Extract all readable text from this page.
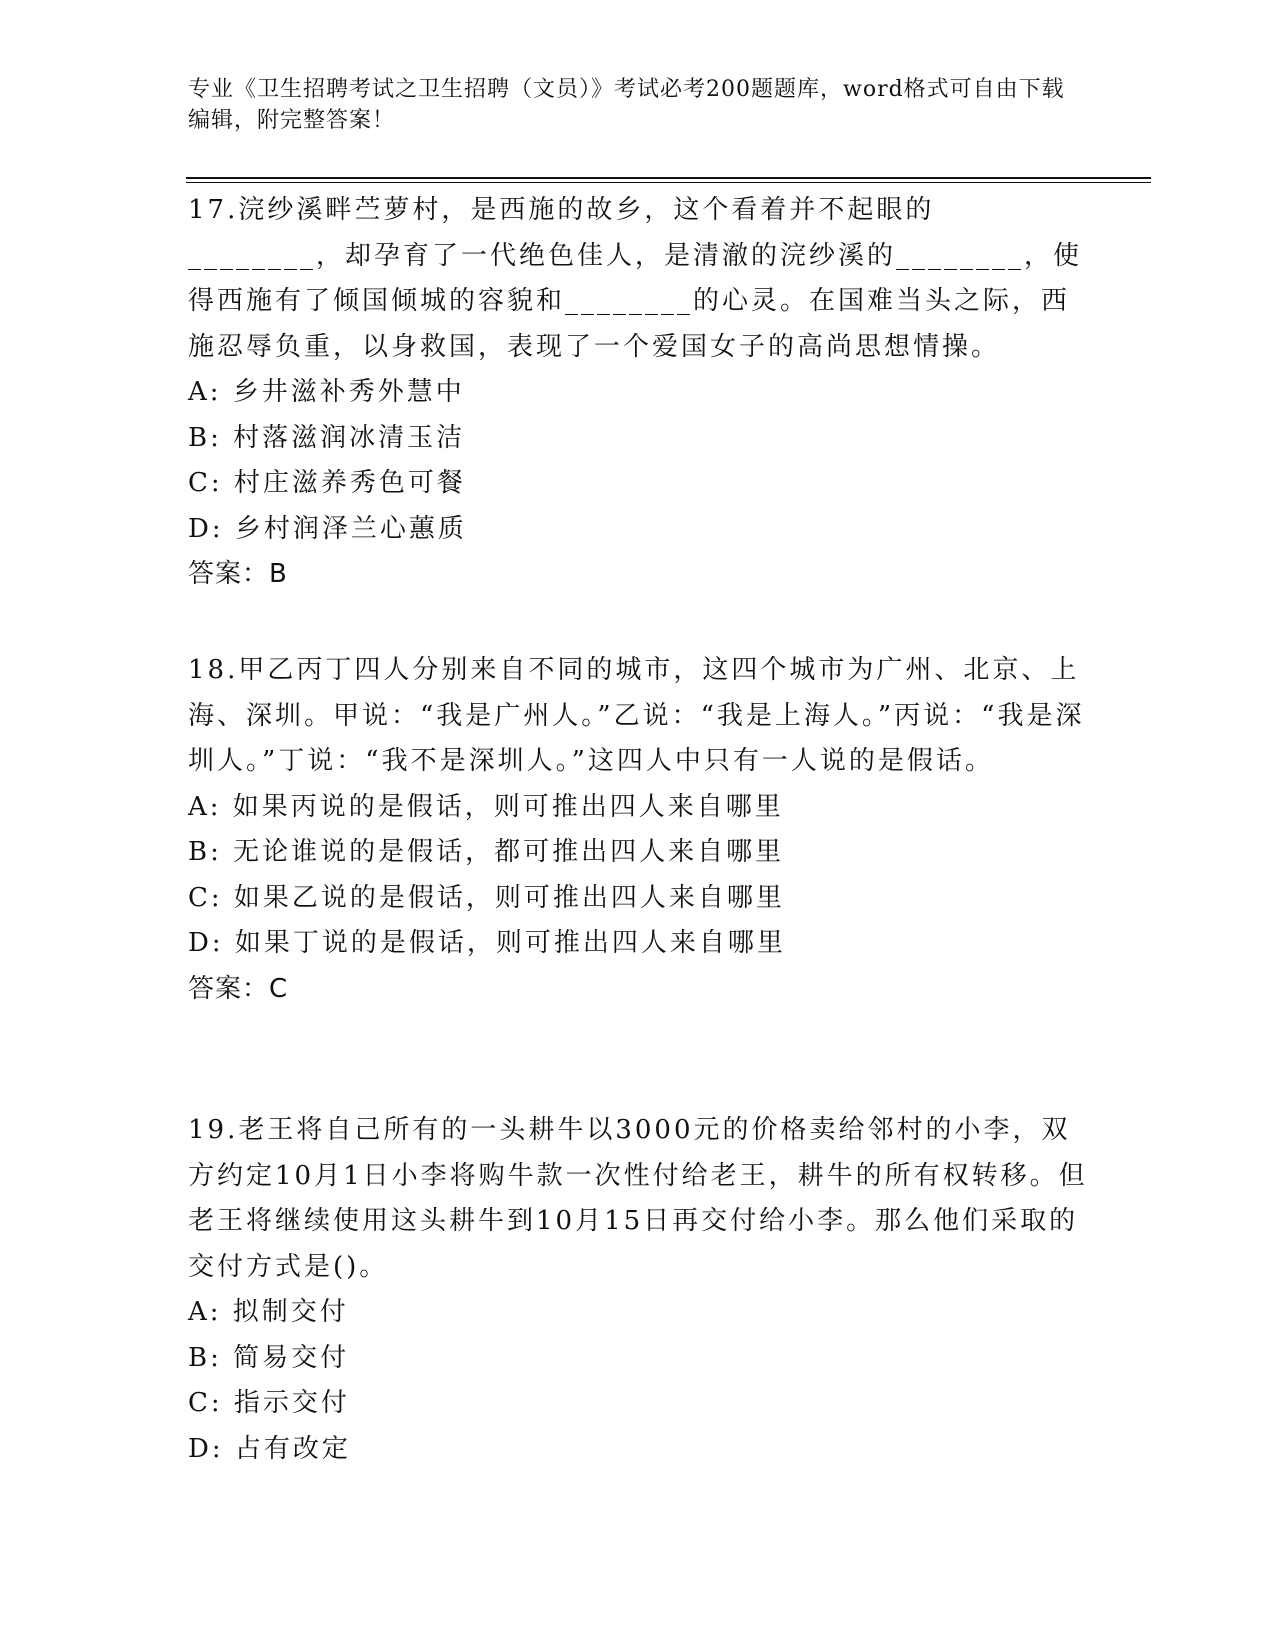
专业《卫生招聘考试之卫生招聘（文员）》考试必考200题题库，word格式可自由下载编辑，附完整答案！

17.浣纱溪畔苎萝村，是西施的故乡，这个看着并不起眼的________，却孕育了一代绝色佳人，是清澈的浣纱溪的________，使得西施有了倾国倾城的容貌和________的心灵。在国难当头之际，西施忍辱负重，以身救国，表现了一个爱国女子的高尚思想情操。

A: 乡井滋补秀外慧中
B: 村落滋润冰清玉洁
C: 村庄滋养秀色可餐
D: 乡村润泽兰心蕙质
答案：B

18.甲乙丙丁四人分别来自不同的城市，这四个城市为广州、北京、上海、深圳。甲说：“我是广州人。”乙说：“我是上海人。”丙说：“我是深圳人。”丁说：“我不是深圳人。”这四人中只有一人说的是假话。

A: 如果丙说的是假话，则可推出四人来自哪里
B: 无论谁说的是假话，都可推出四人来自哪里
C: 如果乙说的是假话，则可推出四人来自哪里
D: 如果丁说的是假话，则可推出四人来自哪里
答案：C

19.老王将自己所有的一头耕牛以3000元的价格卖给邻村的小李，双方约定10月1日小李将购牛款一次性付给老王，耕牛的所有权转移。但老王将继续使用这头耕牛到10月15日再交付给小李。那么他们采取的交付方式是()。

A: 拟制交付
B: 简易交付
C: 指示交付
D: 占有改定
